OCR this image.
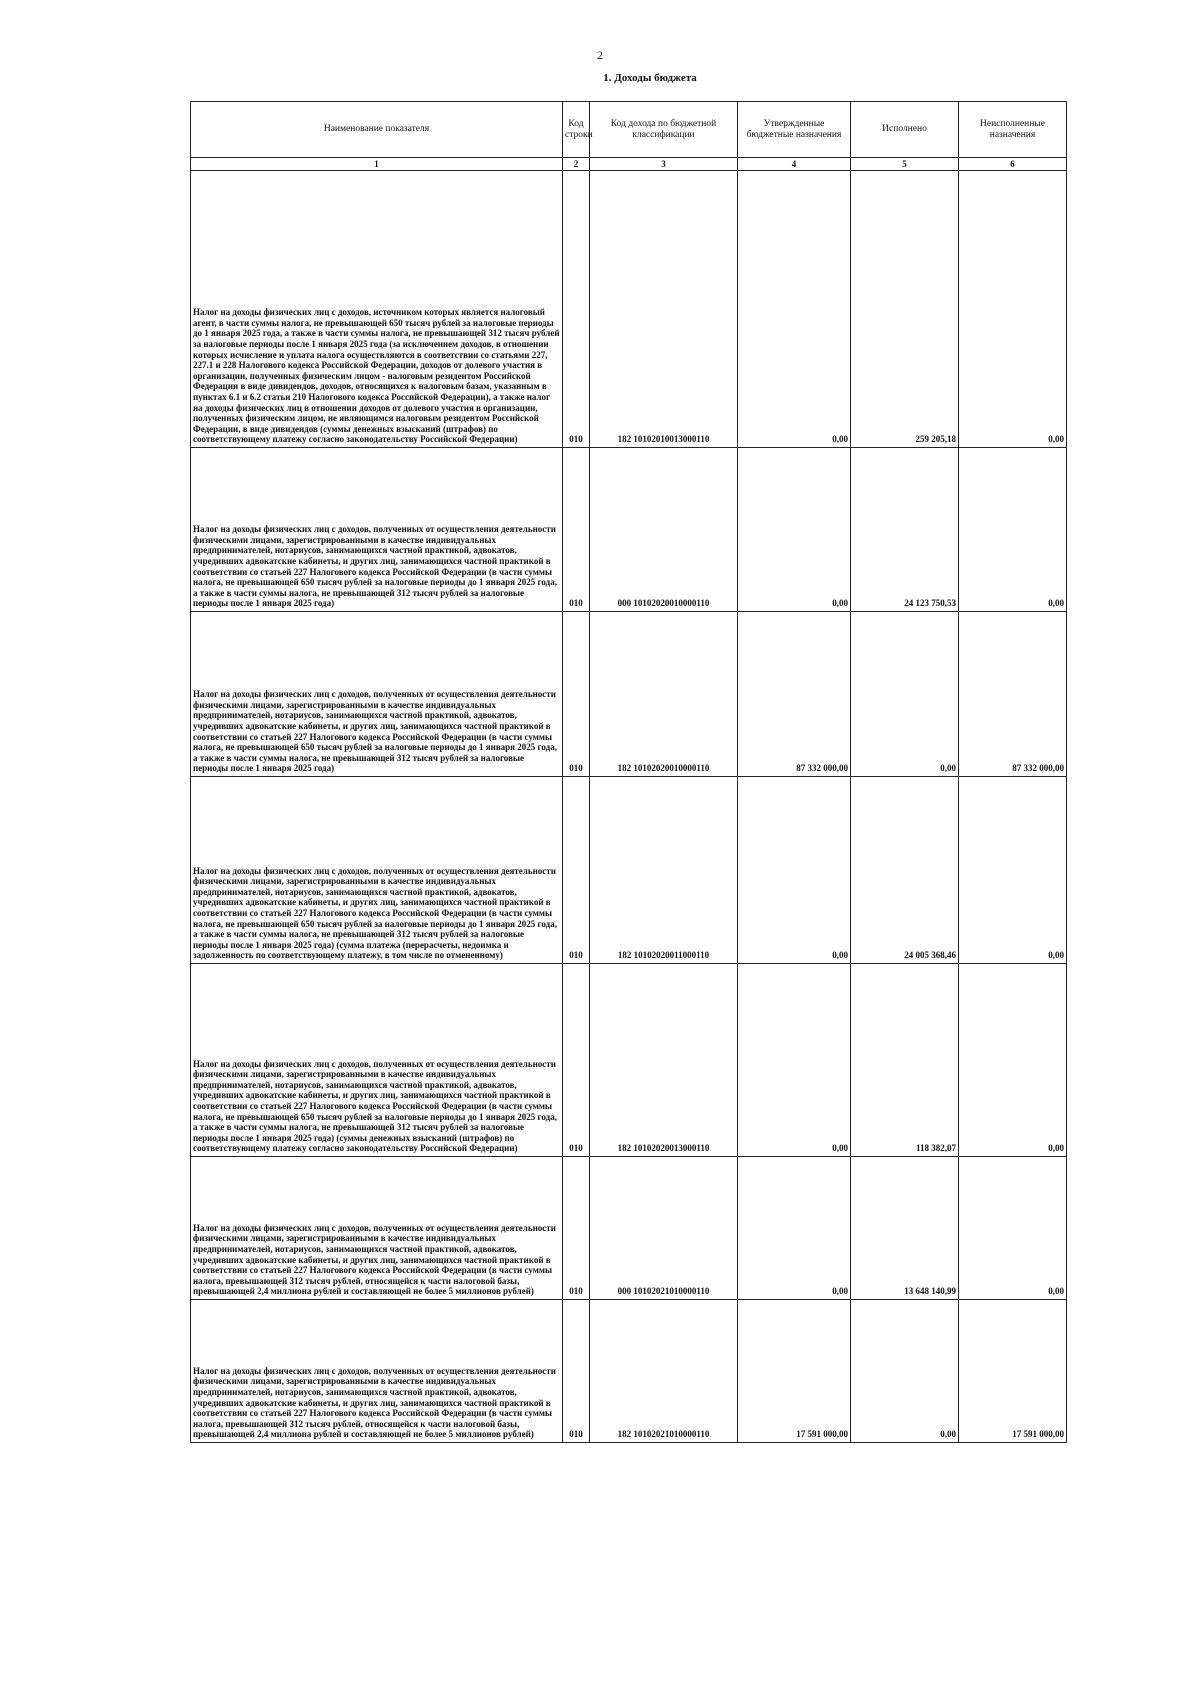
2
1. Доходы бюджета
Наименование показателя	Код строки	Код дохода по бюджетной классификации	Утвержденные бюджетные назначения	Исполнено	Неисполненные назначения
1	2	3	4	5	6
Налог на доходы физических лиц с доходов, источником которых является налоговый агент, в части суммы налога, не превышающей 650 тысяч рублей за налоговые периоды до 1 января 2025 года, а также в части суммы налога, не превышающей 312 тысяч рублей за налоговые периоды после 1 января 2025 года (за исключением доходов, в отношении которых исчисление и уплата налога осуществляются в соответствии со статьями 227, 227.1 и 228 Налогового кодекса Российской Федерации, доходов от долевого участия в организации, полученных физическим лицом - налоговым резидентом Российской Федерации в виде дивидендов, доходов, относящихся к налоговым базам, указанным в пунктах 6.1 и 6.2 статьи 210 Налогового кодекса Российской Федерации), а также налог на доходы физических лиц в отношении доходов от долевого участия в организации, полученных физическим лицом, не являющимся налоговым резидентом Российской Федерации, в виде дивидендов (суммы денежных взысканий (штрафов) по соответствующему платежу согласно законодательству Российской Федерации)	010	182 10102010013000110	0,00	259 205,18	0,00
Налог на доходы физических лиц с доходов, полученных от осуществления деятельности физическими лицами, зарегистрированными в качестве индивидуальных предпринимателей, нотариусов, занимающихся частной практикой, адвокатов, учредивших адвокатские кабинеты, и других лиц, занимающихся частной практикой в соответствии со статьей 227 Налогового кодекса Российской Федерации (в части суммы налога, не превышающей 650 тысяч рублей за налоговые периоды до 1 января 2025 года, а также в части суммы налога, не превышающей 312 тысяч рублей за налоговые периоды после 1 января 2025 года)	010	000 10102020010000110	0,00	24 123 750,53	0,00
Налог на доходы физических лиц с доходов, полученных от осуществления деятельности физическими лицами, зарегистрированными в качестве индивидуальных предпринимателей, нотариусов, занимающихся частной практикой, адвокатов, учредивших адвокатские кабинеты, и других лиц, занимающихся частной практикой в соответствии со статьей 227 Налогового кодекса Российской Федерации (в части суммы налога, не превышающей 650 тысяч рублей за налоговые периоды до 1 января 2025 года, а также в части суммы налога, не превышающей 312 тысяч рублей за налоговые периоды после 1 января 2025 года)	010	182 10102020010000110	87 332 000,00	0,00	87 332 000,00
Налог на доходы физических лиц с доходов, полученных от осуществления деятельности физическими лицами, зарегистрированными в качестве индивидуальных предпринимателей, нотариусов, занимающихся частной практикой, адвокатов, учредивших адвокатские кабинеты, и других лиц, занимающихся частной практикой в соответствии со статьей 227 Налогового кодекса Российской Федерации (в части суммы налога, не превышающей 650 тысяч рублей за налоговые периоды до 1 января 2025 года, а также в части суммы налога, не превышающей 312 тысяч рублей за налоговые периоды после 1 января 2025 года) (сумма платежа (перерасчеты, недоимка и задолженность по соответствующему платежу, в том числе по отмененному)	010	182 10102020011000110	0,00	24 005 368,46	0,00
Налог на доходы физических лиц с доходов, полученных от осуществления деятельности физическими лицами, зарегистрированными в качестве индивидуальных предпринимателей, нотариусов, занимающихся частной практикой, адвокатов, учредивших адвокатские кабинеты, и других лиц, занимающихся частной практикой в соответствии со статьей 227 Налогового кодекса Российской Федерации (в части суммы налога, не превышающей 650 тысяч рублей за налоговые периоды до 1 января 2025 года, а также в части суммы налога, не превышающей 312 тысяч рублей за налоговые периоды после 1 января 2025 года) (суммы денежных взысканий (штрафов) по соответствующему платежу согласно законодательству Российской Федерации)	010	182 10102020013000110	0,00	118 382,07	0,00
Налог на доходы физических лиц с доходов, полученных от осуществления деятельности физическими лицами, зарегистрированными в качестве индивидуальных предпринимателей, нотариусов, занимающихся частной практикой, адвокатов, учредивших адвокатские кабинеты, и других лиц, занимающихся частной практикой в соответствии со статьей 227 Налогового кодекса Российской Федерации (в части суммы налога, превышающей 312 тысяч рублей, относящейся к части налоговой базы, превышающей 2,4 миллиона рублей и составляющей не более 5 миллионов рублей)	010	000 10102021010000110	0,00	13 648 140,99	0,00
Налог на доходы физических лиц с доходов, полученных от осуществления деятельности физическими лицами, зарегистрированными в качестве индивидуальных предпринимателей, нотариусов, занимающихся частной практикой, адвокатов, учредивших адвокатские кабинеты, и других лиц, занимающихся частной практикой в соответствии со статьей 227 Налогового кодекса Российской Федерации (в части суммы налога, превышающей 312 тысяч рублей, относящейся к части налоговой базы, превышающей 2,4 миллиона рублей и составляющей не более 5 миллионов рублей)	010	182 10102021010000110	17 591 000,00	0,00	17 591 000,00
